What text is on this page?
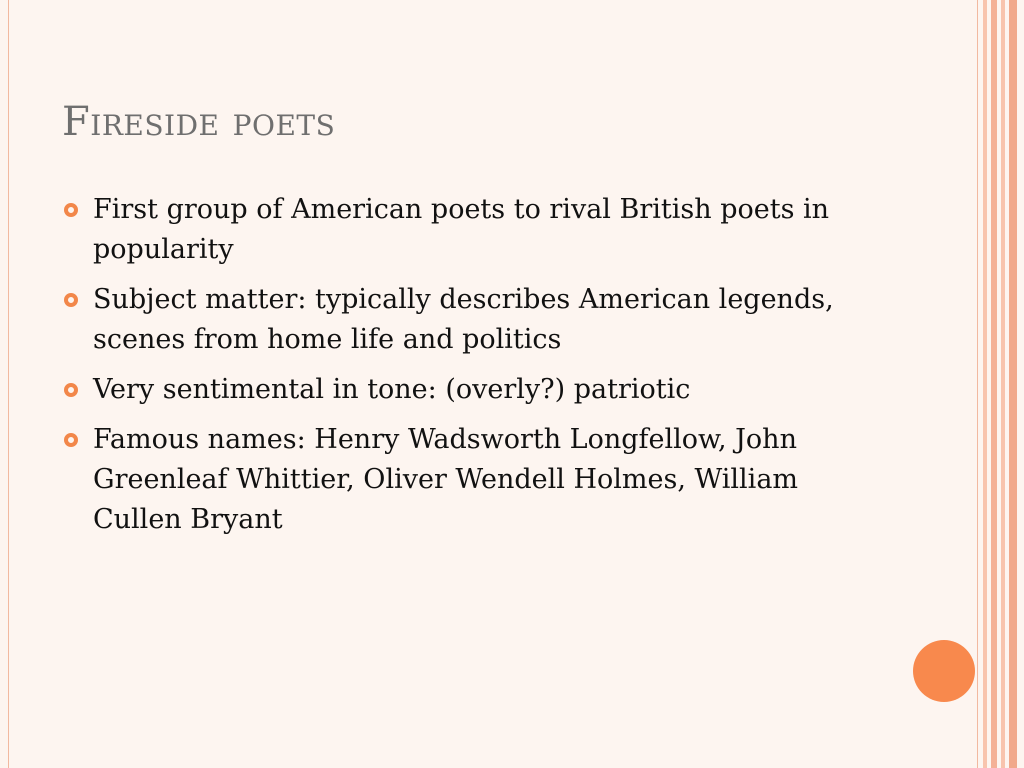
Fireside poets
First group of American poets to rival British poets in popularity
Subject matter: typically describes American legends, scenes from home life and politics
Very sentimental in tone: (overly?) patriotic
Famous names: Henry Wadsworth Longfellow, John Greenleaf Whittier, Oliver Wendell Holmes, William Cullen Bryant
